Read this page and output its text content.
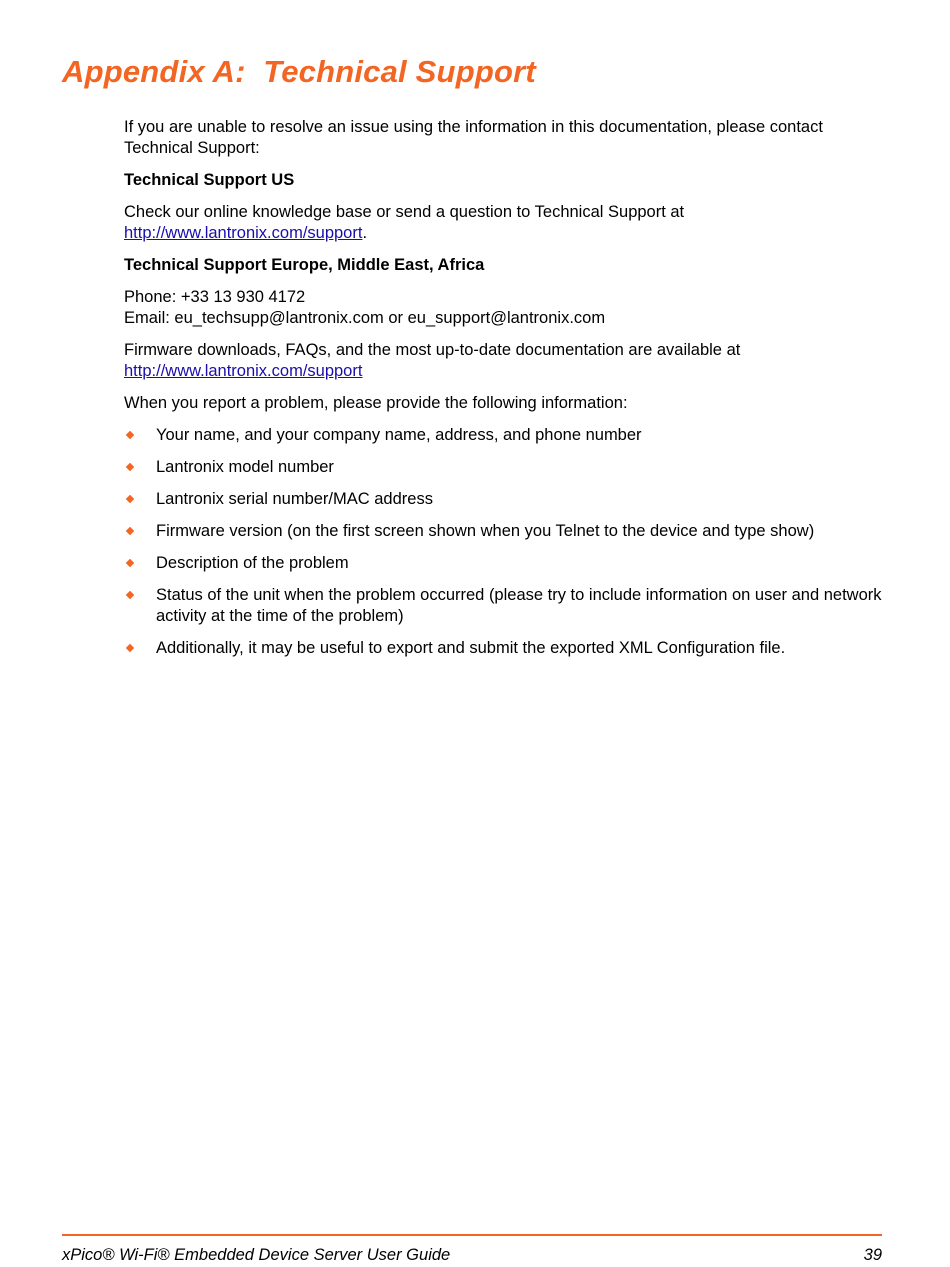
Appendix A:  Technical Support

If you are unable to resolve an issue using the information in this documentation, please contact Technical Support:

Technical Support US

Check our online knowledge base or send a question to Technical Support at
http://www.lantronix.com/support.

Technical Support Europe, Middle East, Africa

Phone: +33 13 930 4172
Email: eu_techsupp@lantronix.com or eu_support@lantronix.com

Firmware downloads, FAQs, and the most up-to-date documentation are available at
http://www.lantronix.com/support

When you report a problem, please provide the following information:

Your name, and your company name, address, and phone number
Lantronix model number
Lantronix serial number/MAC address
Firmware version (on the first screen shown when you Telnet to the device and type show)
Description of the problem
Status of the unit when the problem occurred (please try to include information on user and network activity at the time of the problem)
Additionally, it may be useful to export and submit the exported XML Configuration file.
xPico® Wi-Fi® Embedded Device Server User Guide	39
